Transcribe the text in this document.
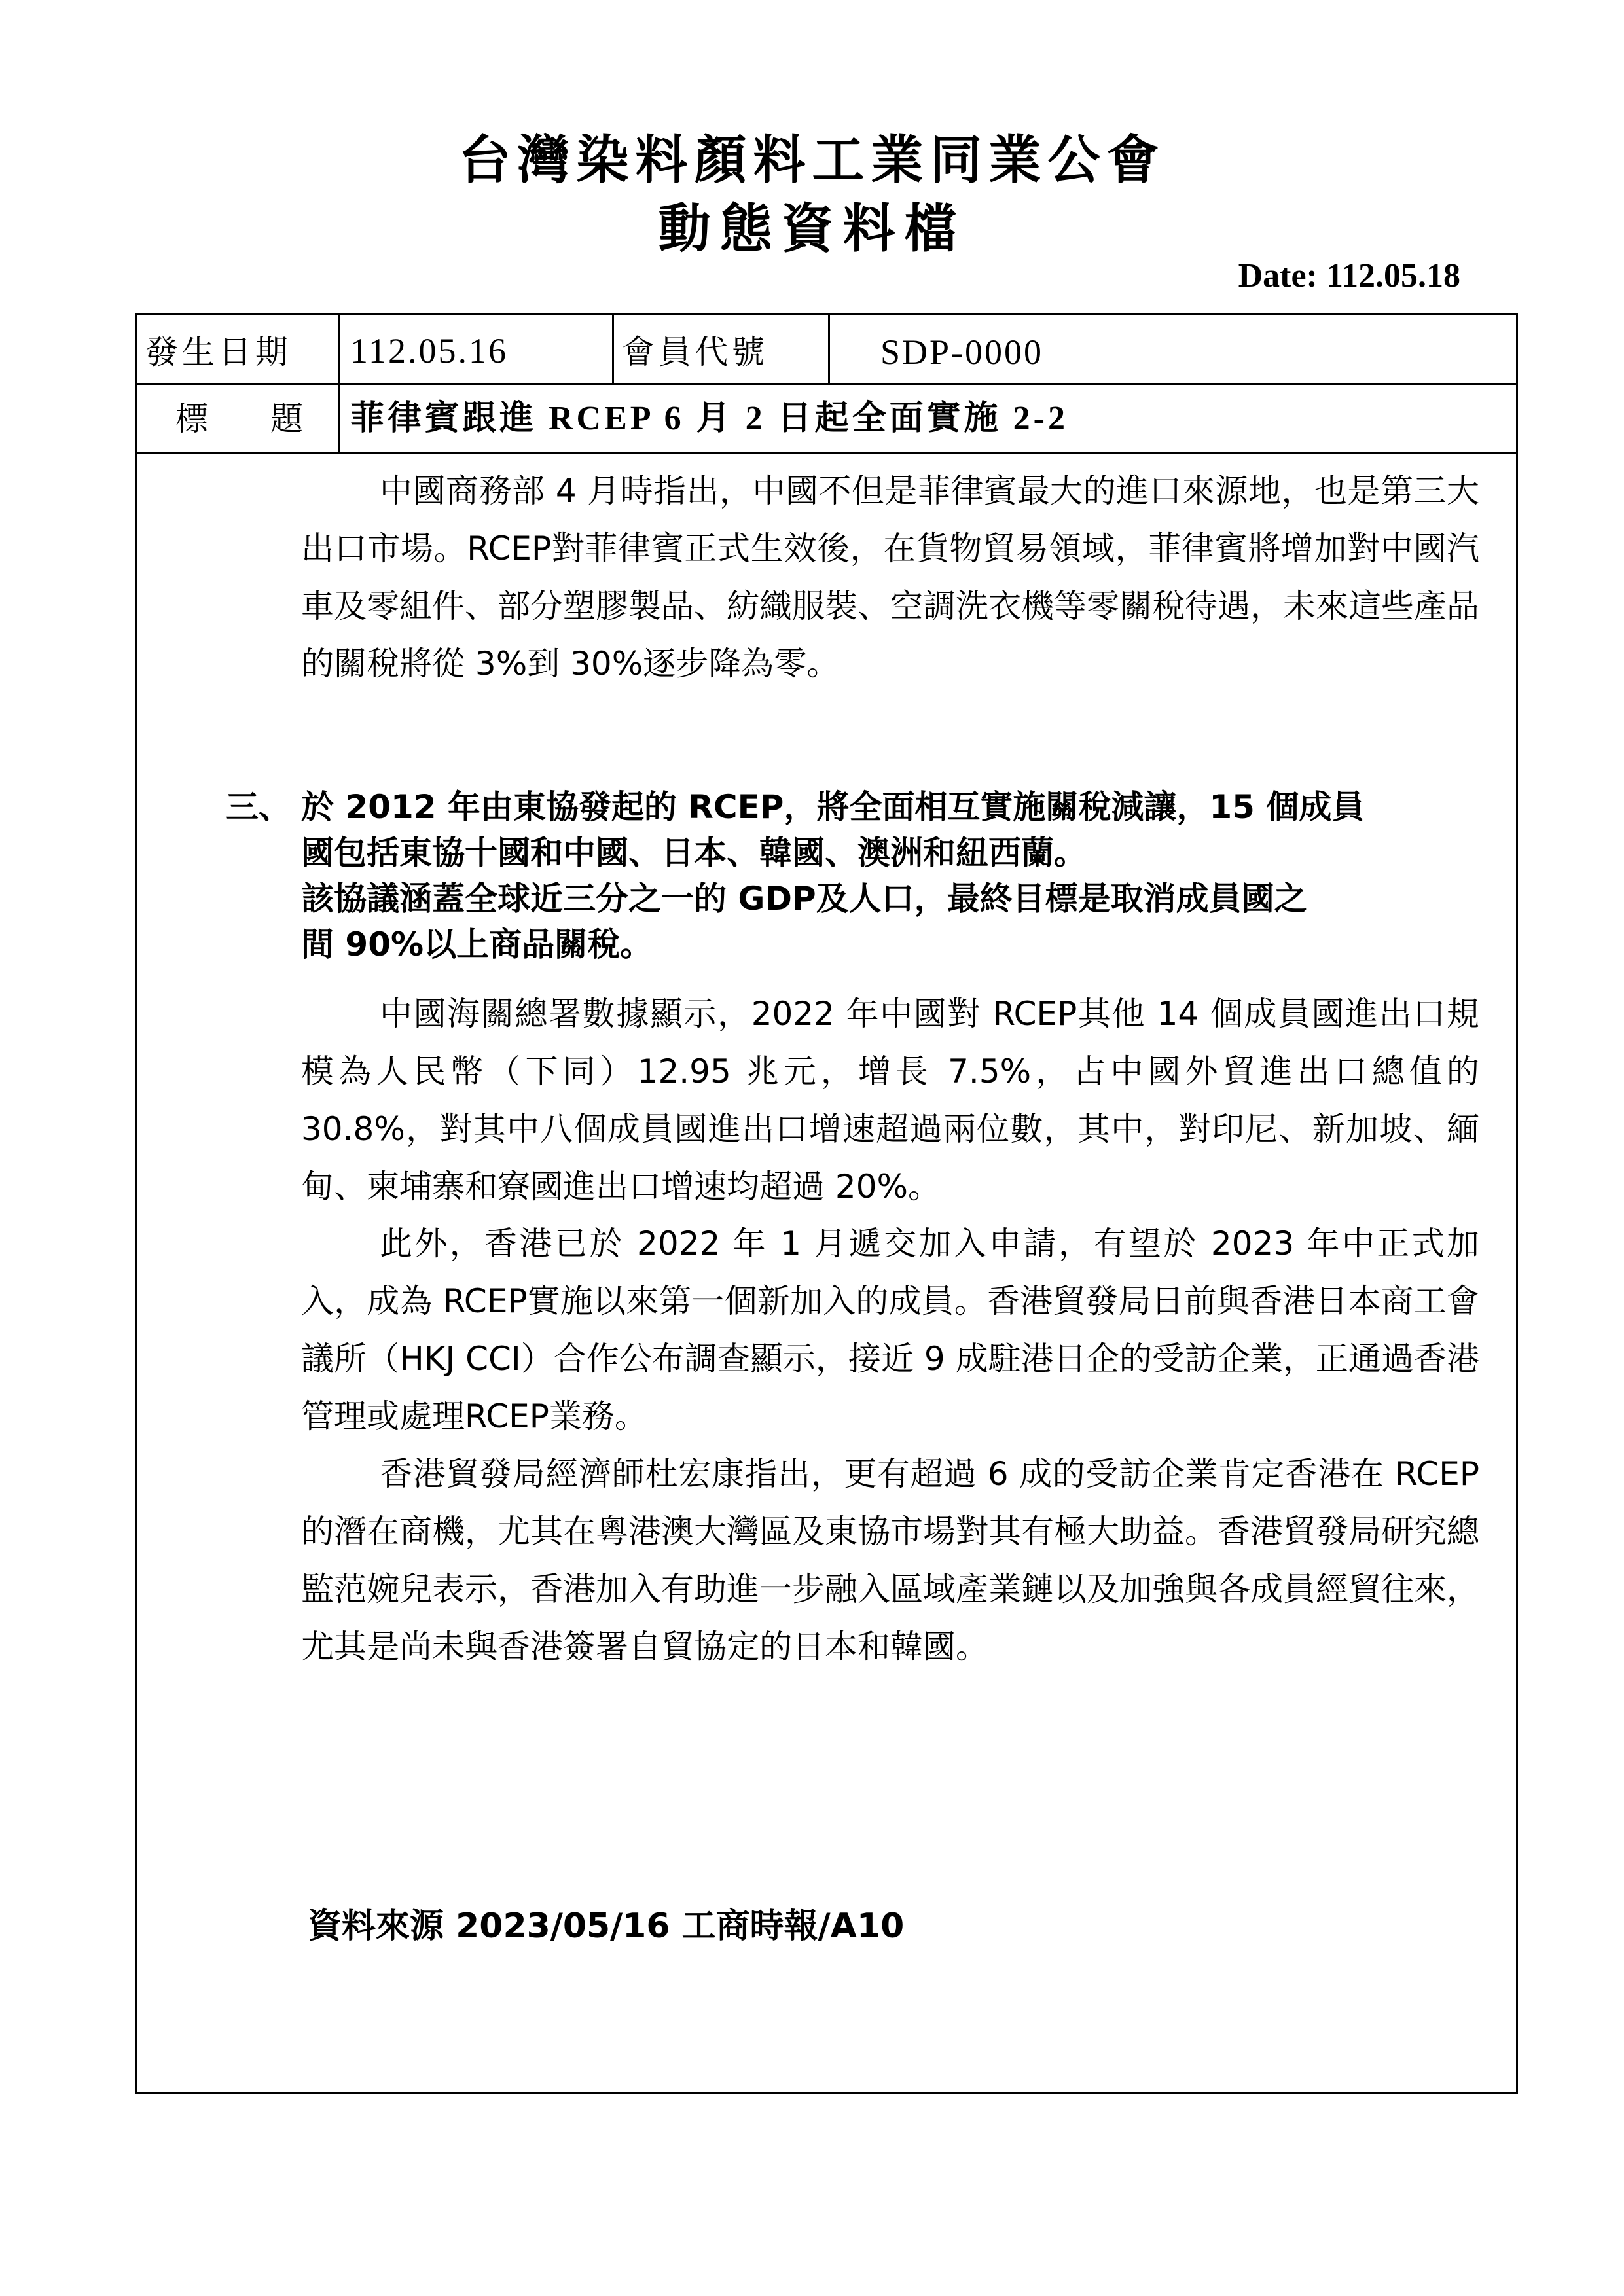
台灣染料顏料工業同業公會
動態資料檔
Date: 112.05.18
發生日期 112.05.16	會員代號	SDP-0000
標 題 菲律賓跟進 RCEP 6 月 2 日起全面實施 2-2

中國商務部 4 月時指出，中國不但是菲律賓最大的進口來源地，也是第三大出口市場。RCEP對菲律賓正式生效後，在貨物貿易領域，菲律賓將增加對中國汽車及零組件、部分塑膠製品、紡織服裝、空調洗衣機等零關稅待遇，未來這些產品的關稅將從 3%到 30%逐步降為零。

三、 於 2012 年由東協發起的 RCEP，將全面相互實施關稅減讓，15 個成員
國包括東協十國和中國、日本、韓國、澳洲和紐西蘭。
該協議涵蓋全球近三分之一的 GDP及人口，最終目標是取消成員國之
間 90%以上商品關稅。

中國海關總署數據顯示，2022 年中國對 RCEP其他 14 個成員國進出口規模為人民幣（下同）12.95 兆元，增長 7.5%，占中國外貿進出口總值的 30.8%，對其中八個成員國進出口增速超過兩位數，其中，對印尼、新加坡、緬甸、柬埔寨和寮國進出口增速均超過 20%。

此外，香港已於 2022 年 1 月遞交加入申請，有望於 2023 年中正式加入，成為 RCEP實施以來第一個新加入的成員。香港貿發局日前與香港日本商工會議所（HKJ CCI）合作公布調查顯示，接近 9 成駐港日企的受訪企業，正通過香港管理或處理RCEP業務。

香港貿發局經濟師杜宏康指出，更有超過 6 成的受訪企業肯定香港在 RCEP的潛在商機，尤其在粵港澳大灣區及東協市場對其有極大助益。香港貿發局研究總監范婉兒表示，香港加入有助進一步融入區域產業鏈以及加強與各成員經貿往來，尤其是尚未與香港簽署自貿協定的日本和韓國。

資料來源 2023/05/16 工商時報/A10
